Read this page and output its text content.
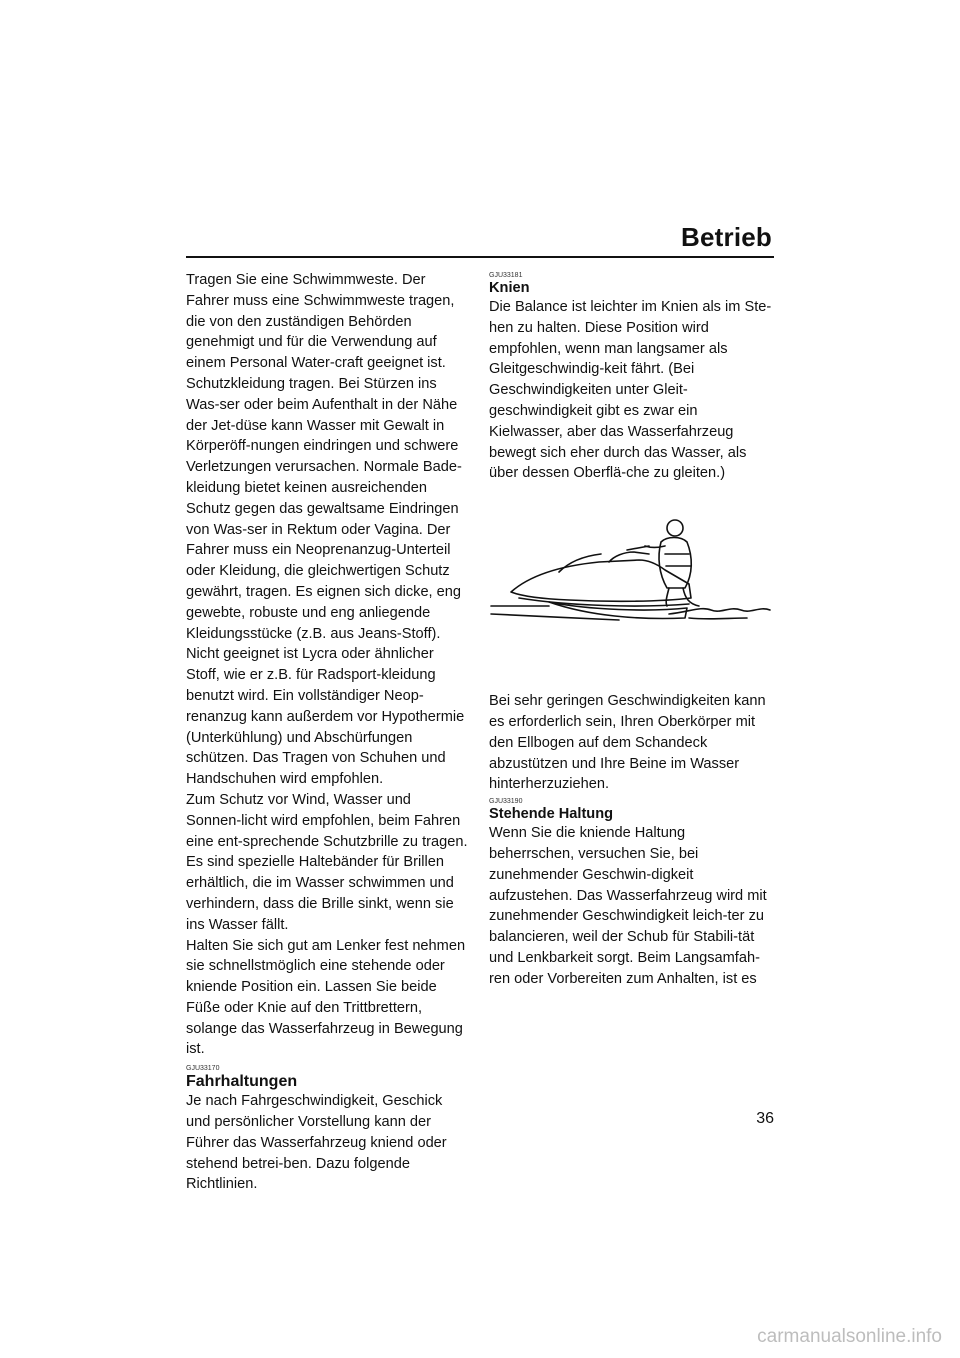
Betrieb

Tragen Sie eine Schwimmweste. Der Fahrer muss eine Schwimmweste tragen, die von den zuständigen Behörden genehmigt und für die Verwendung auf einem Personal Water-craft geeignet ist.

Schutzkleidung tragen. Bei Stürzen ins Was-ser oder beim Aufenthalt in der Nähe der Jet-düse kann Wasser mit Gewalt in Körperöff-nungen eindringen und schwere Verletzungen verursachen. Normale Bade-kleidung bietet keinen ausreichenden Schutz gegen das gewaltsame Eindringen von Was-ser in Rektum oder Vagina. Der Fahrer muss ein Neoprenanzug-Unterteil oder Kleidung, die gleichwertigen Schutz gewährt, tragen. Es eignen sich dicke, eng gewebte, robuste und eng anliegende Kleidungsstücke (z.B. aus Jeans-Stoff). Nicht geeignet ist Lycra oder ähnlicher Stoff, wie er z.B. für Radsport-kleidung benutzt wird. Ein vollständiger Neop-renanzug kann außerdem vor Hypothermie (Unterkühlung) und Abschürfungen schützen. Das Tragen von Schuhen und Handschuhen wird empfohlen.

Zum Schutz vor Wind, Wasser und Sonnen-licht wird empfohlen, beim Fahren eine ent-sprechende Schutzbrille zu tragen. Es sind spezielle Haltebänder für Brillen erhältlich, die im Wasser schwimmen und verhindern, dass die Brille sinkt, wenn sie ins Wasser fällt.

Halten Sie sich gut am Lenker fest nehmen sie schnellstmöglich eine stehende oder kniende Position ein. Lassen Sie beide Füße oder Knie auf den Trittbrettern, solange das Wasserfahrzeug in Bewegung ist.

GJU33170
Fahrhaltungen

Je nach Fahrgeschwindigkeit, Geschick und persönlicher Vorstellung kann der Führer das Wasserfahrzeug kniend oder stehend betrei-ben. Dazu folgende Richtlinien.

GJU33181
Knien

Die Balance ist leichter im Knien als im Ste-hen zu halten. Diese Position wird empfohlen, wenn man langsamer als Gleitgeschwindig-keit fährt. (Bei Geschwindigkeiten unter Gleit-geschwindigkeit gibt es zwar ein Kielwasser, aber das Wasserfahrzeug bewegt sich eher durch das Wasser, als über dessen Oberflä-che zu gleiten.)

Bei sehr geringen Geschwindigkeiten kann es erforderlich sein, Ihren Oberkörper mit den Ellbogen auf dem Schandeck abzustützen und Ihre Beine im Wasser hinterherzuziehen.

GJU33190
Stehende Haltung

Wenn Sie die kniende Haltung beherrschen, versuchen Sie, bei zunehmender Geschwin-digkeit aufzustehen. Das Wasserfahrzeug wird mit zunehmender Geschwindigkeit leich-ter zu balancieren, weil der Schub für Stabili-tät und Lenkbarkeit sorgt. Beim Langsamfah-ren oder Vorbereiten zum Anhalten, ist es

36
carmanualsonline.info
